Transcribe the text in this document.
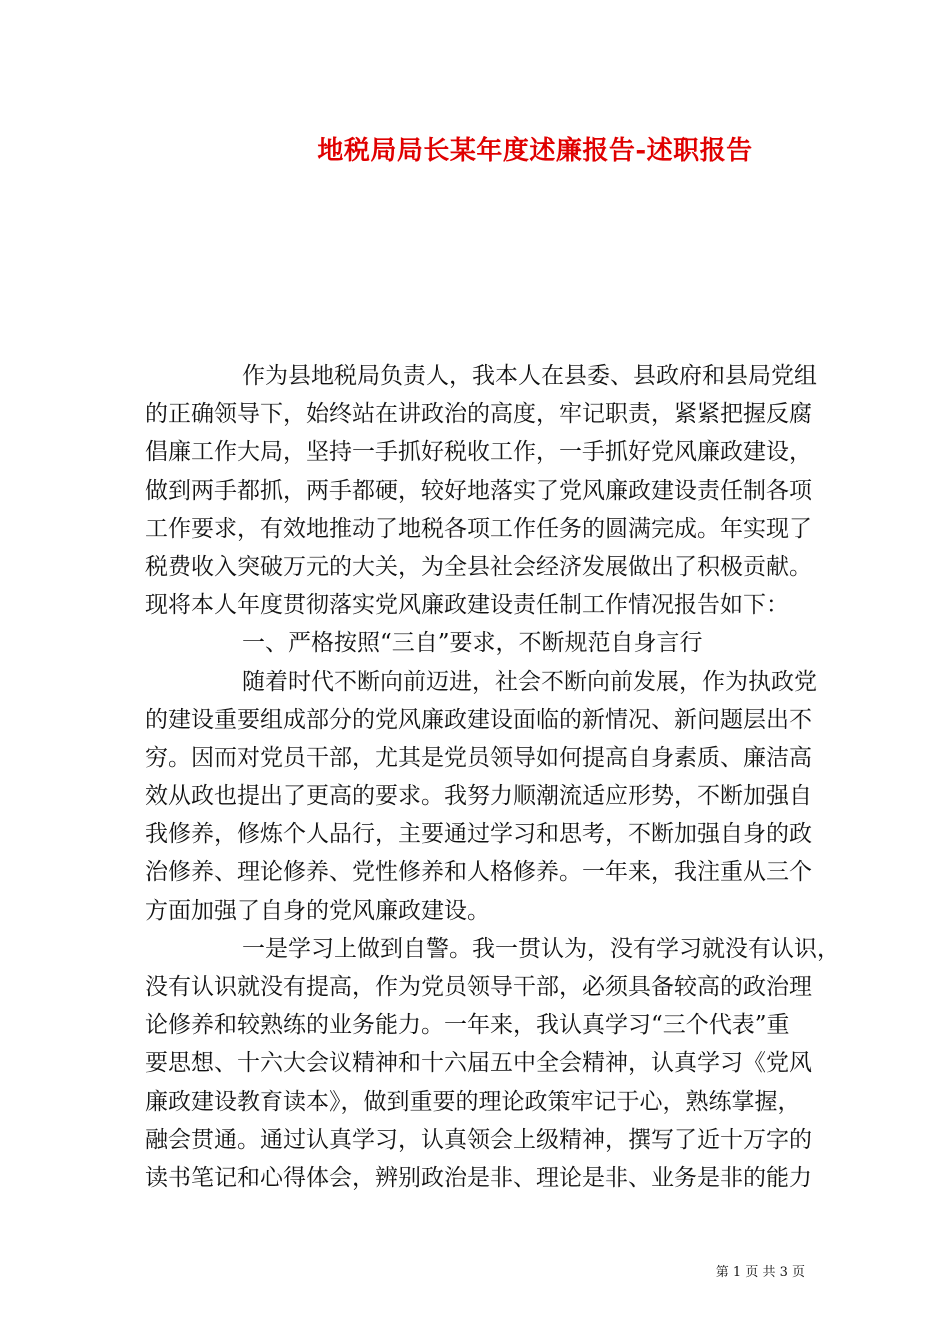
地税局局长某年度述廉报告-述职报告
作为县地税局负责人，我本人在县委、县政府和县局党组
的正确领导下，始终站在讲政治的高度，牢记职责，紧紧把握反腐
倡廉工作大局，坚持一手抓好税收工作，一手抓好党风廉政建设，
做到两手都抓，两手都硬，较好地落实了党风廉政建设责任制各项
工作要求，有效地推动了地税各项工作任务的圆满完成。年实现了
税费收入突破万元的大关，为全县社会经济发展做出了积极贡献。
现将本人年度贯彻落实党风廉政建设责任制工作情况报告如下：
一、严格按照“三自”要求，不断规范自身言行
随着时代不断向前迈进，社会不断向前发展，作为执政党
的建设重要组成部分的党风廉政建设面临的新情况、新问题层出不
穷。因而对党员干部，尤其是党员领导如何提高自身素质、廉洁高
效从政也提出了更高的要求。我努力顺潮流适应形势，不断加强自
我修养，修炼个人品行，主要通过学习和思考，不断加强自身的政
治修养、理论修养、党性修养和人格修养。一年来，我注重从三个
方面加强了自身的党风廉政建设。
一是学习上做到自警。我一贯认为，没有学习就没有认识，
没有认识就没有提高，作为党员领导干部，必须具备较高的政治理
论修养和较熟练的业务能力。一年来，我认真学习“三个代表”重
要思想、十六大会议精神和十六届五中全会精神，认真学习《党风
廉政建设教育读本》，做到重要的理论政策牢记于心，熟练掌握，
融会贯通。通过认真学习，认真领会上级精神，撰写了近十万字的
读书笔记和心得体会，辨别政治是非、理论是非、业务是非的能力
第 1 页 共 3 页
